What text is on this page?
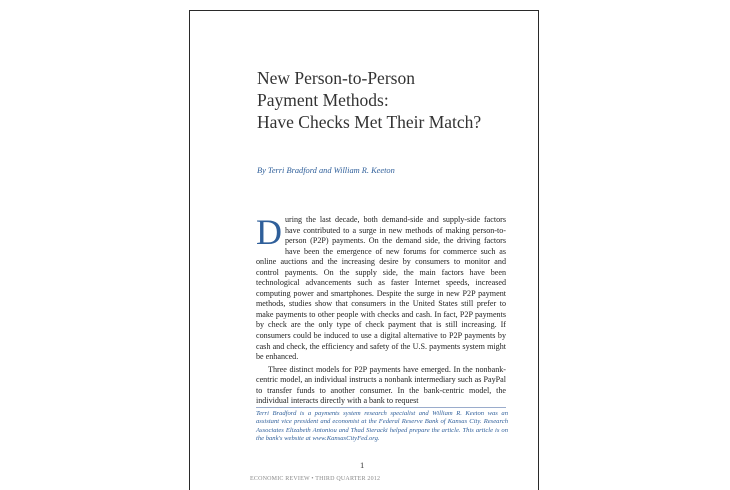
New Person-to-Person
Payment Methods:
Have Checks Met Their Match?
By Terri Bradford and William R. Keeton

During the last decade, both demand-side and supply-side factors have contributed to a surge in new methods of making person-to-person (P2P) payments. On the demand side, the driving factors have been the emergence of new forums for commerce such as online auctions and the increasing desire by consumers to monitor and control payments. On the supply side, the main factors have been technological advancements such as faster Internet speeds, increased computing power and smartphones. Despite the surge in new P2P payment methods, studies show that consumers in the United States still prefer to make payments to other people with checks and cash. In fact, P2P payments by check are the only type of check payment that is still increasing. If consumers could be induced to use a digital alternative to P2P payments by cash and check, the efficiency and safety of the U.S. payments system might be enhanced.

Three distinct models for P2P payments have emerged. In the nonbank-centric model, an individual instructs a nonbank intermediary such as PayPal to transfer funds to another consumer. In the bank-centric model, the individual interacts directly with a bank to request

Terri Bradford is a payments system research specialist and William R. Keeton was an assistant vice president and economist at the Federal Reserve Bank of Kansas City. Research Associates Elizabeth Antoniou and Thad Sieracki helped prepare the article. This article is on the bank's website at www.KansasCityFed.org.
1
ECONOMIC REVIEW • THIRD QUARTER 2012
